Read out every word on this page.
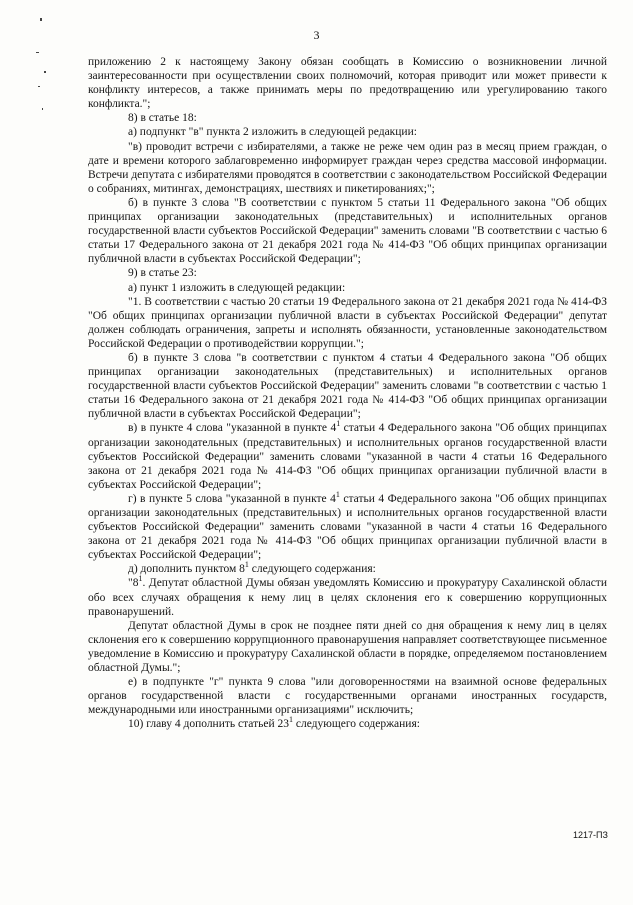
3

приложению 2 к настоящему Закону обязан сообщать в Комиссию о возникновении личной заинтересованности при осуществлении своих полномочий, которая приводит или может привести к конфликту интересов, а также принимать меры по предотвращению или урегулированию такого конфликта.";

8) в статье 18:

а) подпункт "в" пункта 2 изложить в следующей редакции:

"в) проводит встречи с избирателями, а также не реже чем один раз в месяц прием граждан, о дате и времени которого заблаговременно информирует граждан через средства массовой информации. Встречи депутата с избирателями проводятся в соответствии с законодательством Российской Федерации о собраниях, митингах, демонстрациях, шествиях и пикетированиях;";

б) в пункте 3 слова "В соответствии с пунктом 5 статьи 11 Федерального закона "Об общих принципах организации законодательных (представительных) и исполнительных органов государственной власти субъектов Российской Федерации" заменить словами "В соответствии с частью 6 статьи 17 Федерального закона от 21 декабря 2021 года № 414-ФЗ "Об общих принципах организации публичной власти в субъектах Российской Федерации";

9) в статье 23:

а) пункт 1 изложить в следующей редакции:

"1. В соответствии с частью 20 статьи 19 Федерального закона от 21 декабря 2021 года № 414-ФЗ "Об общих принципах организации публичной власти в субъектах Российской Федерации" депутат должен соблюдать ограничения, запреты и исполнять обязанности, установленные законодательством Российской Федерации о противодействии коррупции.";

б) в пункте 3 слова "в соответствии с пунктом 4 статьи 4 Федерального закона "Об общих принципах организации законодательных (представительных) и исполнительных органов государственной власти субъектов Российской Федерации" заменить словами "в соответствии с частью 1 статьи 16 Федерального закона от 21 декабря 2021 года № 414-ФЗ "Об общих принципах организации публичной власти в субъектах Российской Федерации";

в) в пункте 4 слова "указанной в пункте $4^1$ статьи 4 Федерального закона "Об общих принципах организации законодательных (представительных) и исполнительных органов государственной власти субъектов Российской Федерации" заменить словами "указанной в части 4 статьи 16 Федерального закона от 21 декабря 2021 года № 414-ФЗ "Об общих принципах организации публичной власти в субъектах Российской Федерации";

г) в пункте 5 слова "указанной в пункте $4^1$ статьи 4 Федерального закона "Об общих принципах организации законодательных (представительных) и исполнительных органов государственной власти субъектов Российской Федерации" заменить словами "указанной в части 4 статьи 16 Федерального закона от 21 декабря 2021 года № 414-ФЗ "Об общих принципах организации публичной власти в субъектах Российской Федерации";

д) дополнить пунктом $8^1$ следующего содержания:

"$8^1$. Депутат областной Думы обязан уведомлять Комиссию и прокуратуру Сахалинской области обо всех случаях обращения к нему лиц в целях склонения его к совершению коррупционных правонарушений.

Депутат областной Думы в срок не позднее пяти дней со дня обращения к нему лиц в целях склонения его к совершению коррупционного правонарушения направляет соответствующее письменное уведомление в Комиссию и прокуратуру Сахалинской области в порядке, определяемом постановлением областной Думы.";

е) в подпункте "г" пункта 9 слова "или договоренностями на взаимной основе федеральных органов государственной власти с государственными органами иностранных государств, международными или иностранными организациями" исключить;

10) главу 4 дополнить статьей $23^1$ следующего содержания:

1217-ПЗ
